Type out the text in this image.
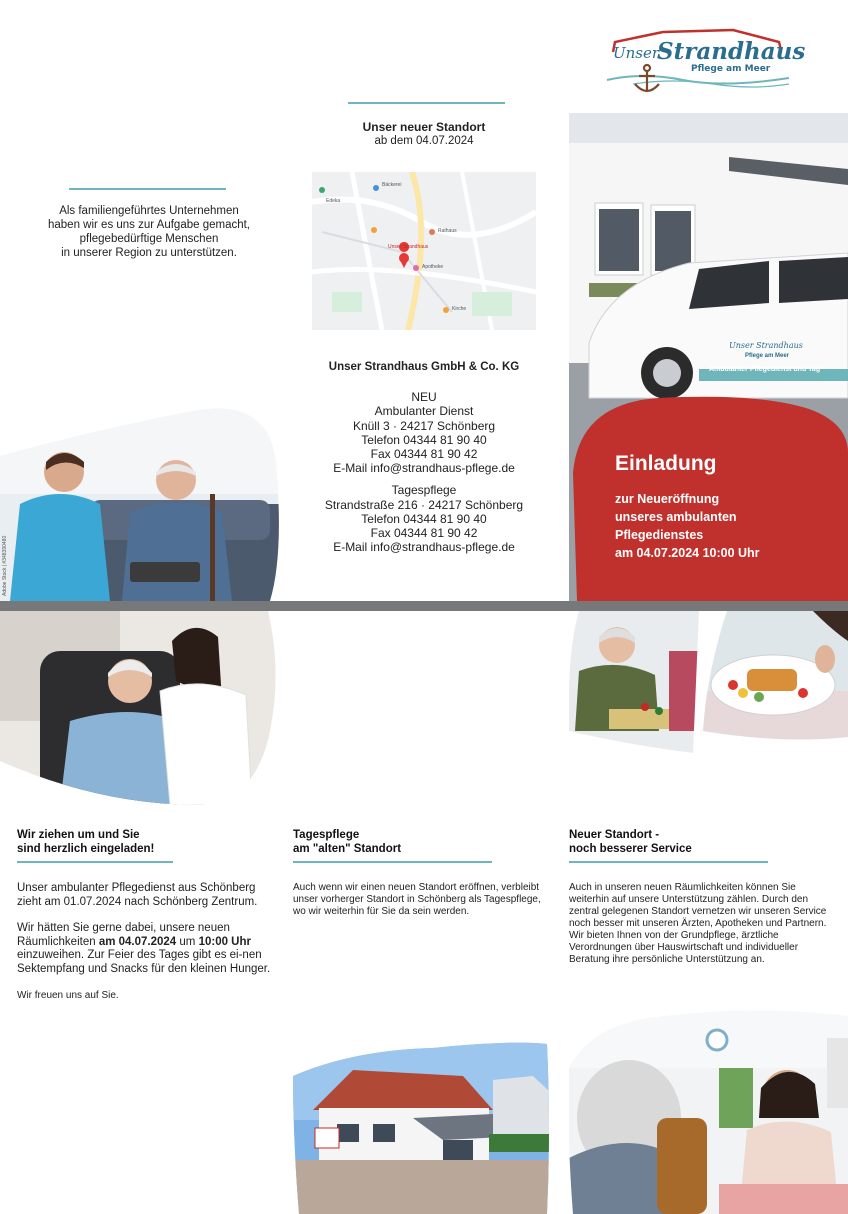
Unser
Strandhaus
Pflege am Meer
Als familiengeführtes Unternehmen
haben wir es uns zur Aufgabe gemacht,
pflegebedürftige Menschen
in unserer Region zu unterstützen.
Adobe Stock | #348390480
Unser neuer Standort
ab dem 04.07.2024
Unser Strandhaus
Bäckerei
Edeka
Rathaus
Apotheke
Kirche
Unser Strandhaus GmbH & Co. KG
NEU
Ambulanter Dienst
Knüll 3 · 24217 Schönberg
Telefon 04344 81 90 40
Fax 04344 81 90 42
E-Mail info@strandhaus-pflege.de
Tagespflege
Strandstraße 216 · 24217 Schönberg
Telefon 04344 81 90 40
Fax 04344 81 90 42
E-Mail info@strandhaus-pflege.de
Unser Strandhaus
Pflege am Meer
Ambulanter Pflegedienst und Tag
Einladung
zur Neueröffnung
unseres ambulanten
Pflegedienstes
am 04.07.2024 10:00 Uhr
Wir ziehen um und Sie
sind herzlich eingeladen!
Unser ambulanter Pflegedienst aus Schönberg zieht am 01.07.2024 nach Schönberg Zentrum.
Wir hätten Sie gerne dabei, unsere neuen Räumlichkeiten am 04.07.2024 um 10:00 Uhr einzuweihen. Zur Feier des Tages gibt es ei-nen Sektempfang und Snacks für den kleinen Hunger.
Wir freuen uns auf Sie.
Tagespflege
am "alten" Standort
Auch wenn wir einen neuen Standort eröffnen, verbleibt unser vorherger Standort in Schönberg als Tagespflege, wo wir weiterhin für Sie da sein werden.
Neuer Standort -
noch besserer Service
Auch in unseren neuen Räumlichkeiten können Sie weiterhin auf unsere Unterstützung zählen. Durch den zentral gelegenen Standort vernetzen wir unseren Service noch besser mit unseren Ärzten, Apotheken und Partnern. Wir bieten Ihnen von der Grundpflege, ärztliche Verordnungen über Hauswirtschaft und individueller Beratung ihre persönliche Unterstützung an.
